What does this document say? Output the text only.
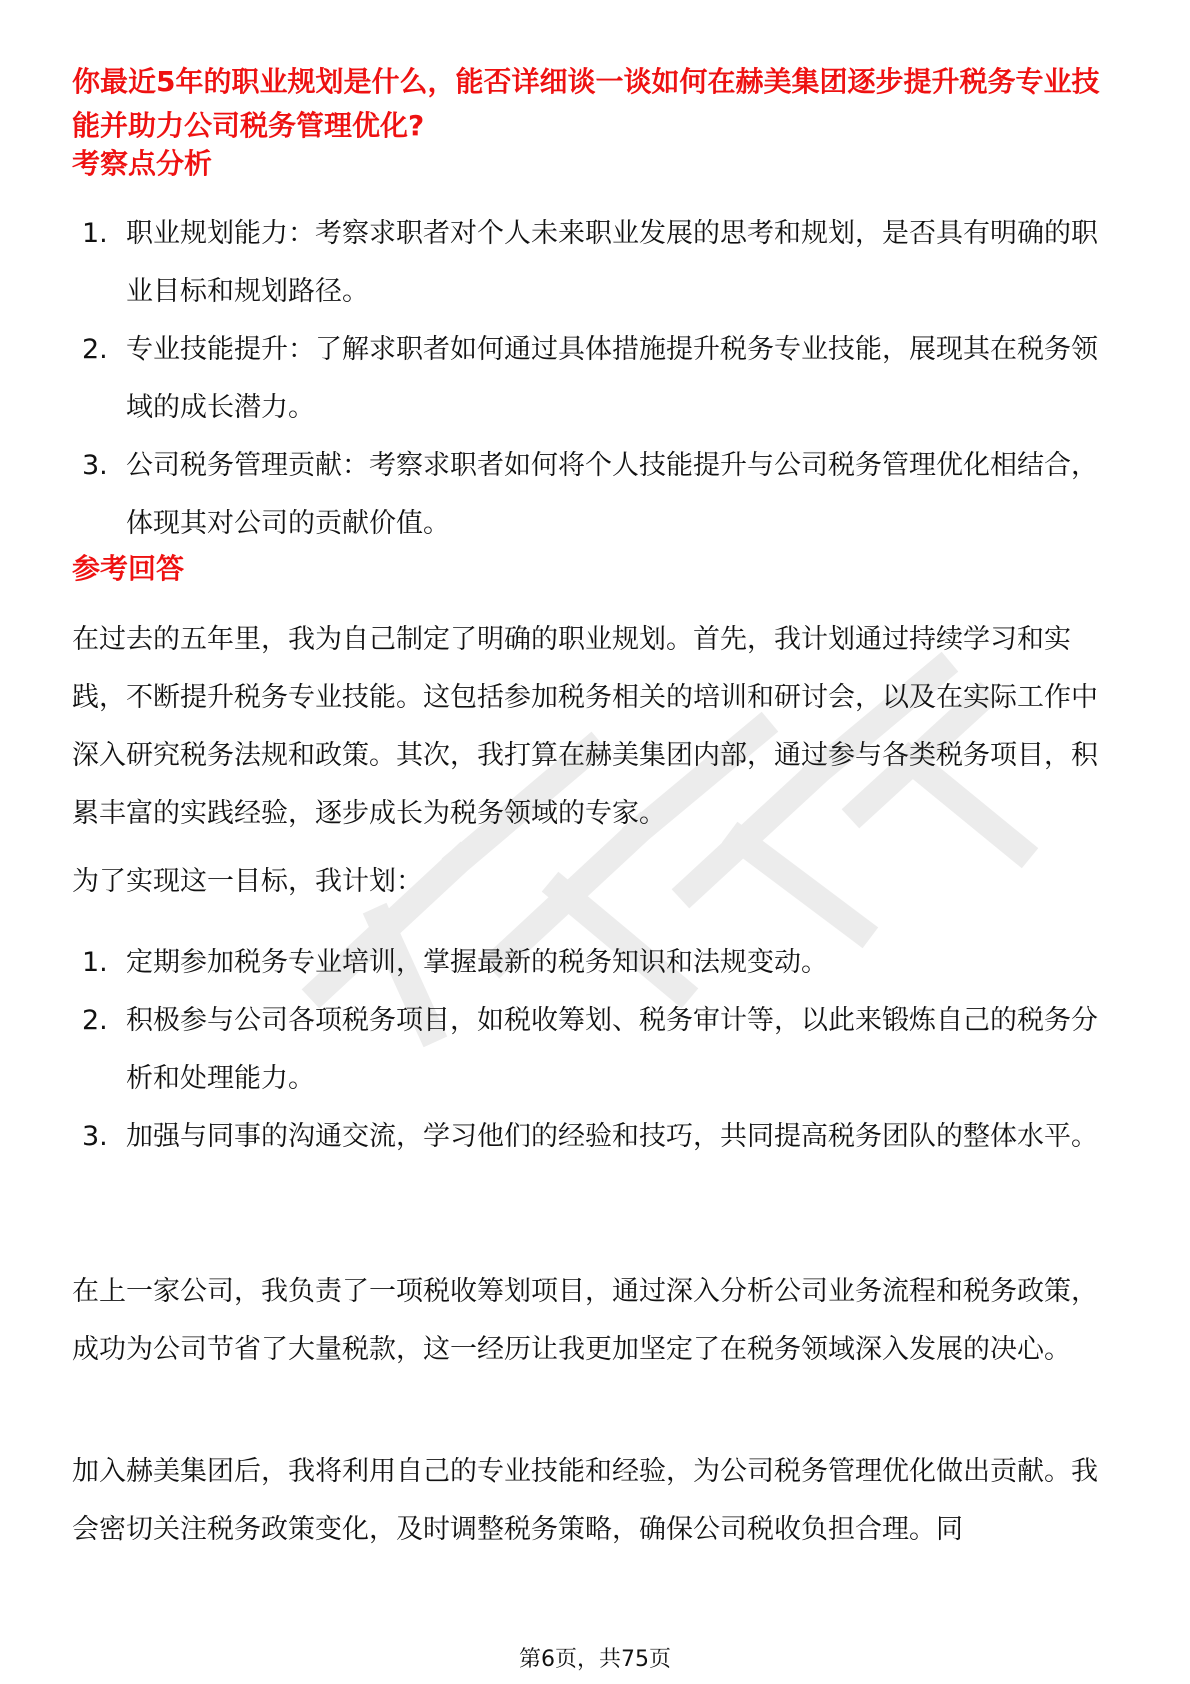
你最近5年的职业规划是什么，能否详细谈一谈如何在赫美集团逐步提升税务专业技能并助力公司税务管理优化?
考察点分析
1. 职业规划能力：考察求职者对个人未来职业发展的思考和规划，是否具有明确的职业目标和规划路径。
2. 专业技能提升：了解求职者如何通过具体措施提升税务专业技能，展现其在税务领域的成长潜力。
3. 公司税务管理贡献：考察求职者如何将个人技能提升与公司税务管理优化相结合，体现其对公司的贡献价值。
参考回答

在过去的五年里，我为自己制定了明确的职业规划。首先，我计划通过持续学习和实践，不断提升税务专业技能。这包括参加税务相关的培训和研讨会，以及在实际工作中深入研究税务法规和政策。其次，我打算在赫美集团内部，通过参与各类税务项目，积累丰富的实践经验，逐步成长为税务领域的专家。

为了实现这一目标，我计划：

1. 定期参加税务专业培训，掌握最新的税务知识和法规变动。
2. 积极参与公司各项税务项目，如税收筹划、税务审计等，以此来锻炼自己的税务分析和处理能力。
3. 加强与同事的沟通交流，学习他们的经验和技巧，共同提高税务团队的整体水平。

在上一家公司，我负责了一项税收筹划项目，通过深入分析公司业务流程和税务政策，成功为公司节省了大量税款，这一经历让我更加坚定了在税务领域深入发展的决心。

加入赫美集团后，我将利用自己的专业技能和经验，为公司税务管理优化做出贡献。我会密切关注税务政策变化，及时调整税务策略，确保公司税收负担合理。同

第6页，共75页
